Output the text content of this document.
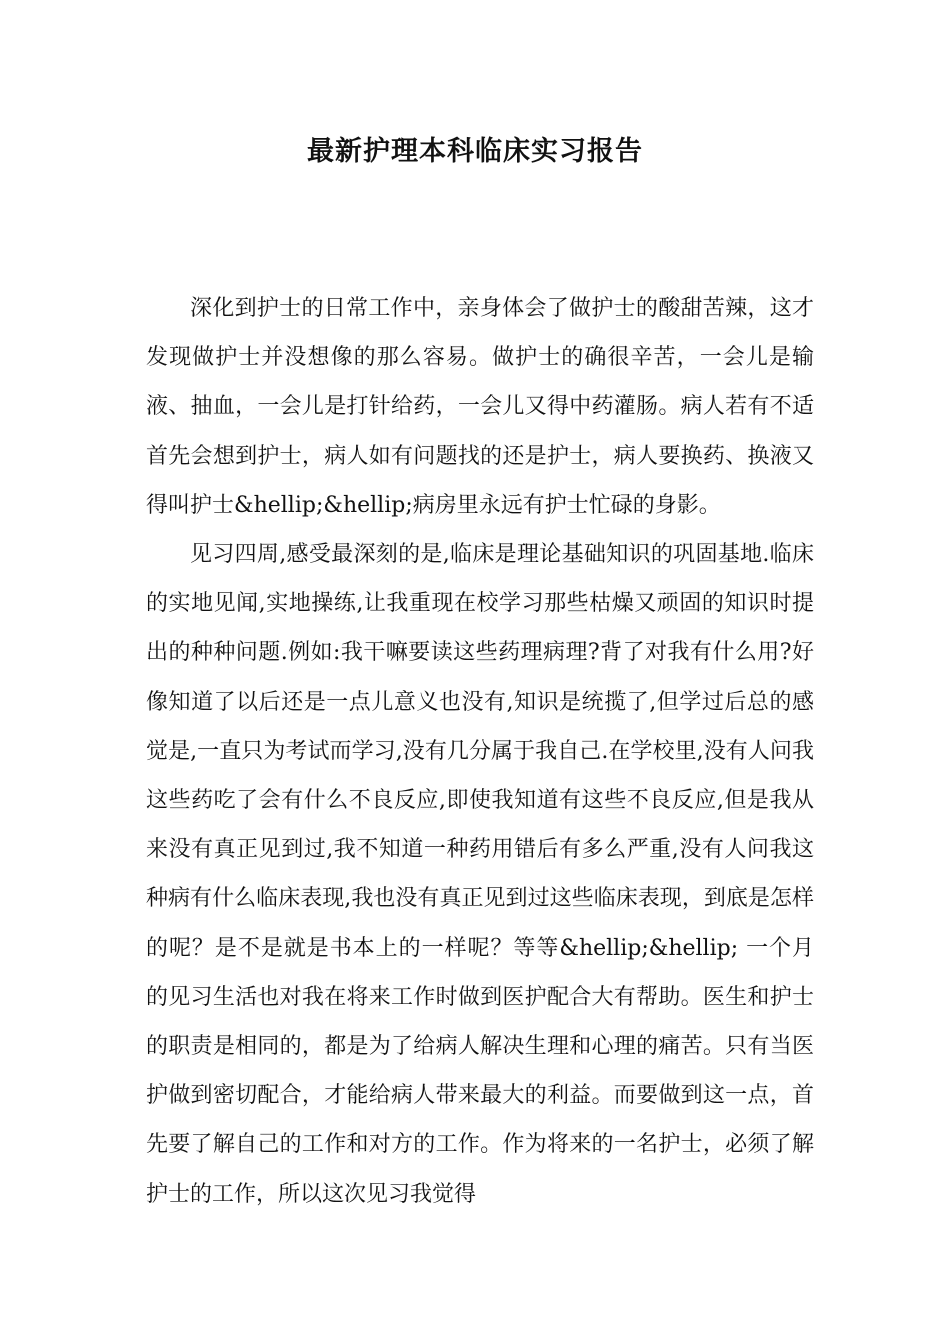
最新护理本科临床实习报告

深化到护士的日常工作中，亲身体会了做护士的酸甜苦辣，这才发现做护士并没想像的那么容易。做护士的确很辛苦，一会儿是输液、抽血，一会儿是打针给药，一会儿又得中药灌肠。病人若有不适首先会想到护士，病人如有问题找的还是护士，病人要换药、换液又得叫护士&hellip;&hellip;病房里永远有护士忙碌的身影。

见习四周,感受最深刻的是,临床是理论基础知识的巩固基地.临床的实地见闻,实地操练,让我重现在校学习那些枯燥又顽固的知识时提出的种种问题.例如:我干嘛要读这些药理病理?背了对我有什么用?好像知道了以后还是一点儿意义也没有,知识是统揽了,但学过后总的感觉是,一直只为考试而学习,没有几分属于我自己.在学校里,没有人问我这些药吃了会有什么不良反应,即使我知道有这些不良反应,但是我从来没有真正见到过,我不知道一种药用错后有多么严重,没有人问我这种病有什么临床表现,我也没有真正见到过这些临床表现，到底是怎样的呢？是不是就是书本上的一样呢？等等&hellip;&hellip; 一个月的见习生活也对我在将来工作时做到医护配合大有帮助。医生和护士的职责是相同的，都是为了给病人解决生理和心理的痛苦。只有当医护做到密切配合，才能给病人带来最大的利益。而要做到这一点，首先要了解自己的工作和对方的工作。作为将来的一名护士，必须了解护士的工作，所以这次见习我觉得
